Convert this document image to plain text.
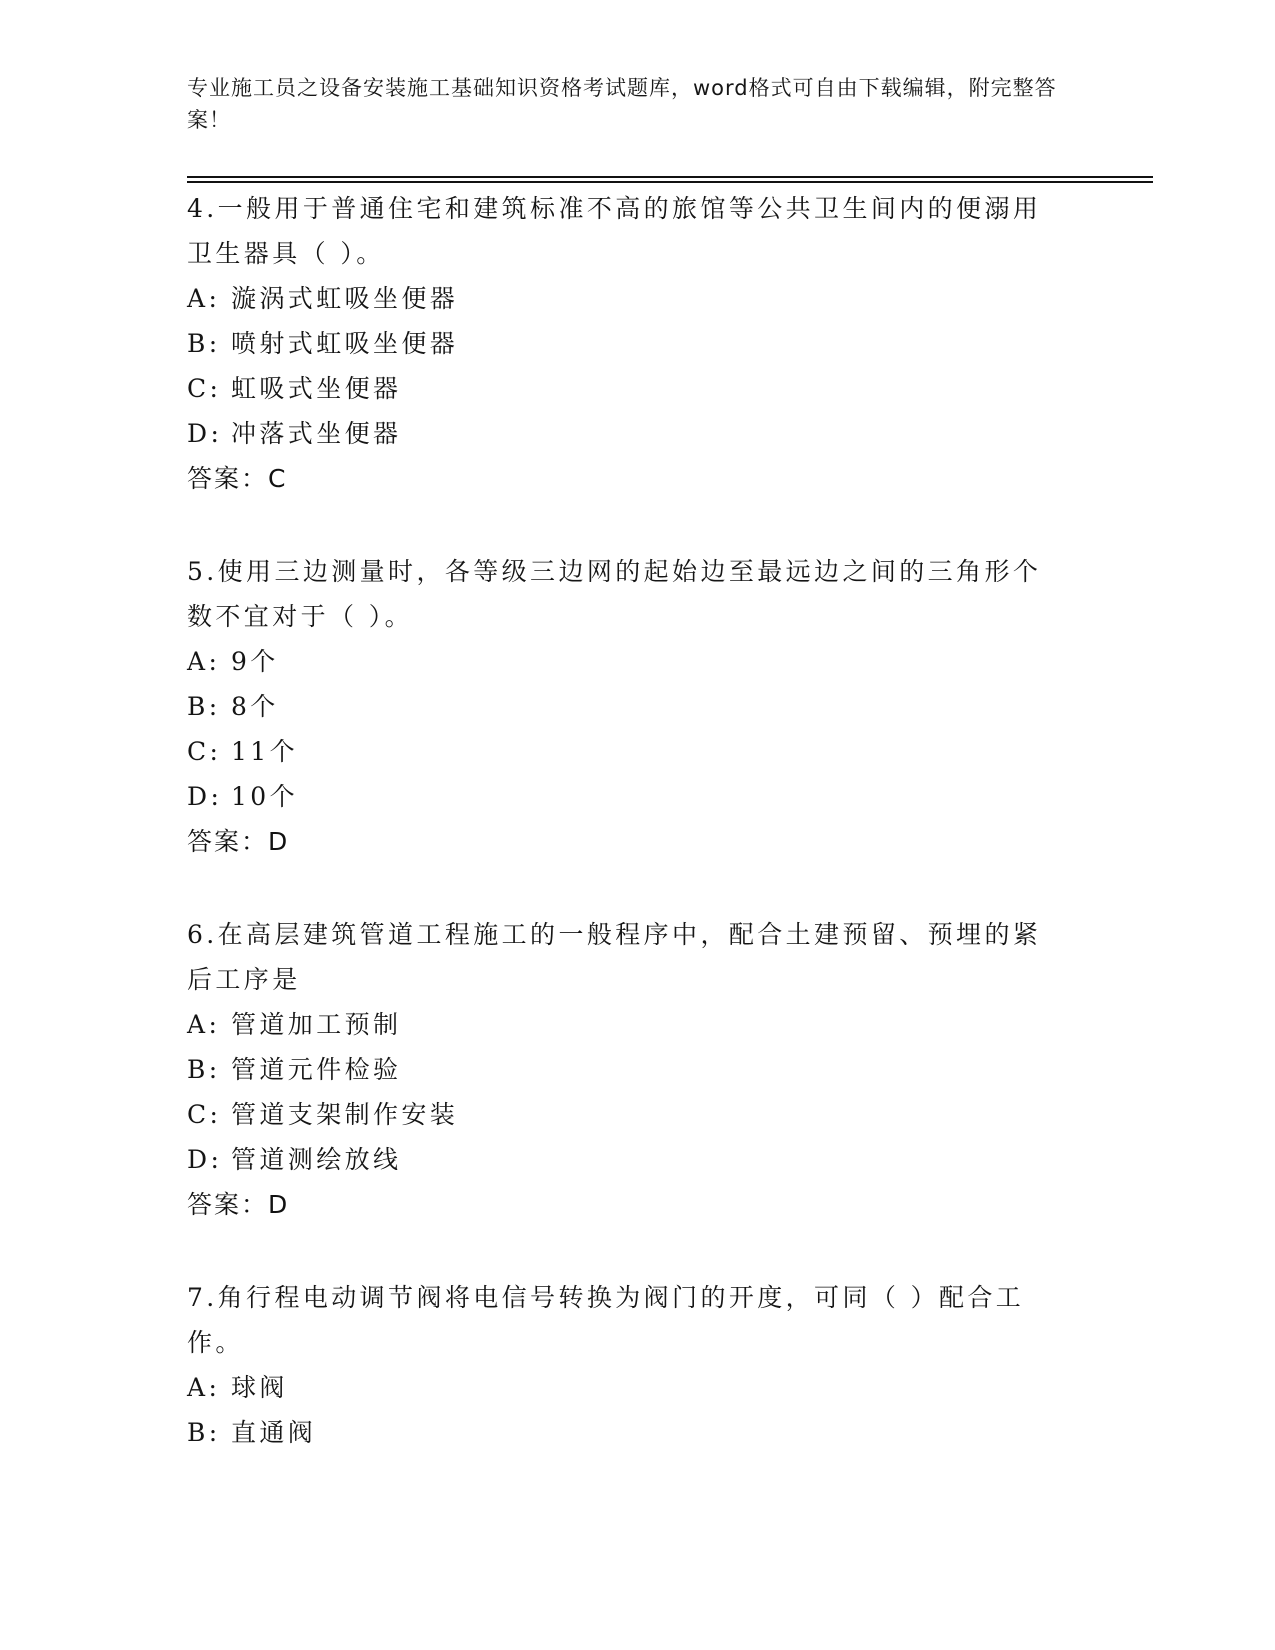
专业施工员之设备安装施工基础知识资格考试题库，word格式可自由下载编辑，附完整答案！
4.一般用于普通住宅和建筑标准不高的旅馆等公共卫生间内的便溺用卫生器具（ ）。
A: 漩涡式虹吸坐便器
B: 喷射式虹吸坐便器
C: 虹吸式坐便器
D: 冲落式坐便器
答案：C
5.使用三边测量时，各等级三边网的起始边至最远边之间的三角形个数不宜对于（ ）。
A: 9个
B: 8个
C: 11个
D: 10个
答案：D
6.在高层建筑管道工程施工的一般程序中，配合土建预留、预埋的紧后工序是
A: 管道加工预制
B: 管道元件检验
C: 管道支架制作安装
D: 管道测绘放线
答案：D
7.角行程电动调节阀将电信号转换为阀门的开度，可同（ ）配合工作。
A: 球阀
B: 直通阀
